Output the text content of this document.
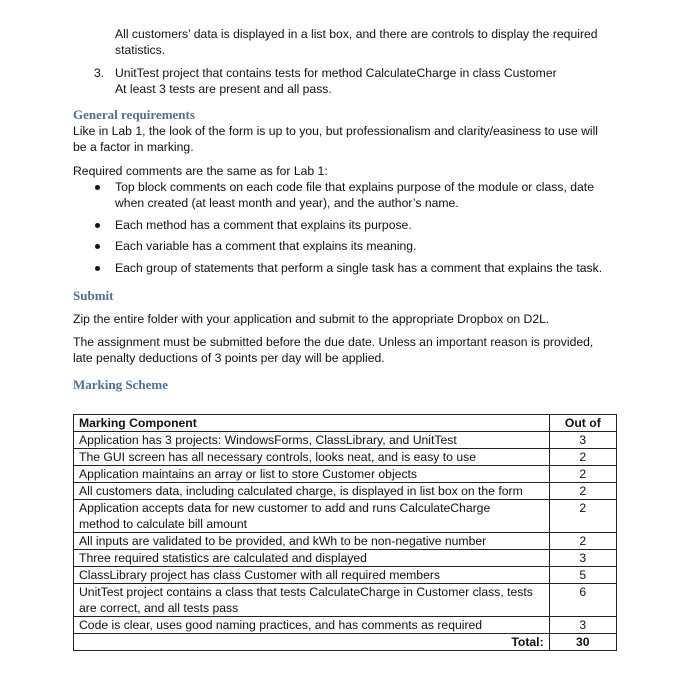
All customers’ data is displayed in a list box, and there are controls to display the required
statistics.
3. UnitTest project that contains tests for method CalculateCharge in class Customer
At least 3 tests are present and all pass.
General requirements
Like in Lab 1, the look of the form is up to you, but professionalism and clarity/easiness to use will
be a factor in marking.
Required comments are the same as for Lab 1:
Top block comments on each code file that explains purpose of the module or class, date
when created (at least month and year), and the author’s name.
Each method has a comment that explains its purpose.
Each variable has a comment that explains its meaning.
Each group of statements that perform a single task has a comment that explains the task.
Submit
Zip the entire folder with your application and submit to the appropriate Dropbox on D2L.
The assignment must be submitted before the due date. Unless an important reason is provided,
late penalty deductions of 3 points per day will be applied.
Marking Scheme
Marking Component	Out of

Application has 3 projects: WindowsForms, ClassLibrary, and UnitTest	3

The GUI screen has all necessary controls, looks neat, and is easy to use	2

Application maintains an array or list to store Customer objects	2

All customers data, including calculated charge, is displayed in list box on the form	2

Application accepts data for new customer to add and runs CalculateCharge
method to calculate bill amount	2

All inputs are validated to be provided, and kWh to be non-negative number	2

Three required statistics are calculated and displayed	3

ClassLibrary project has class Customer with all required members	5

UnitTest project contains a class that tests CalculateCharge in Customer class, tests
are correct, and all tests pass	6

Code is clear, uses good naming practices, and has comments as required	3
Total:	30
